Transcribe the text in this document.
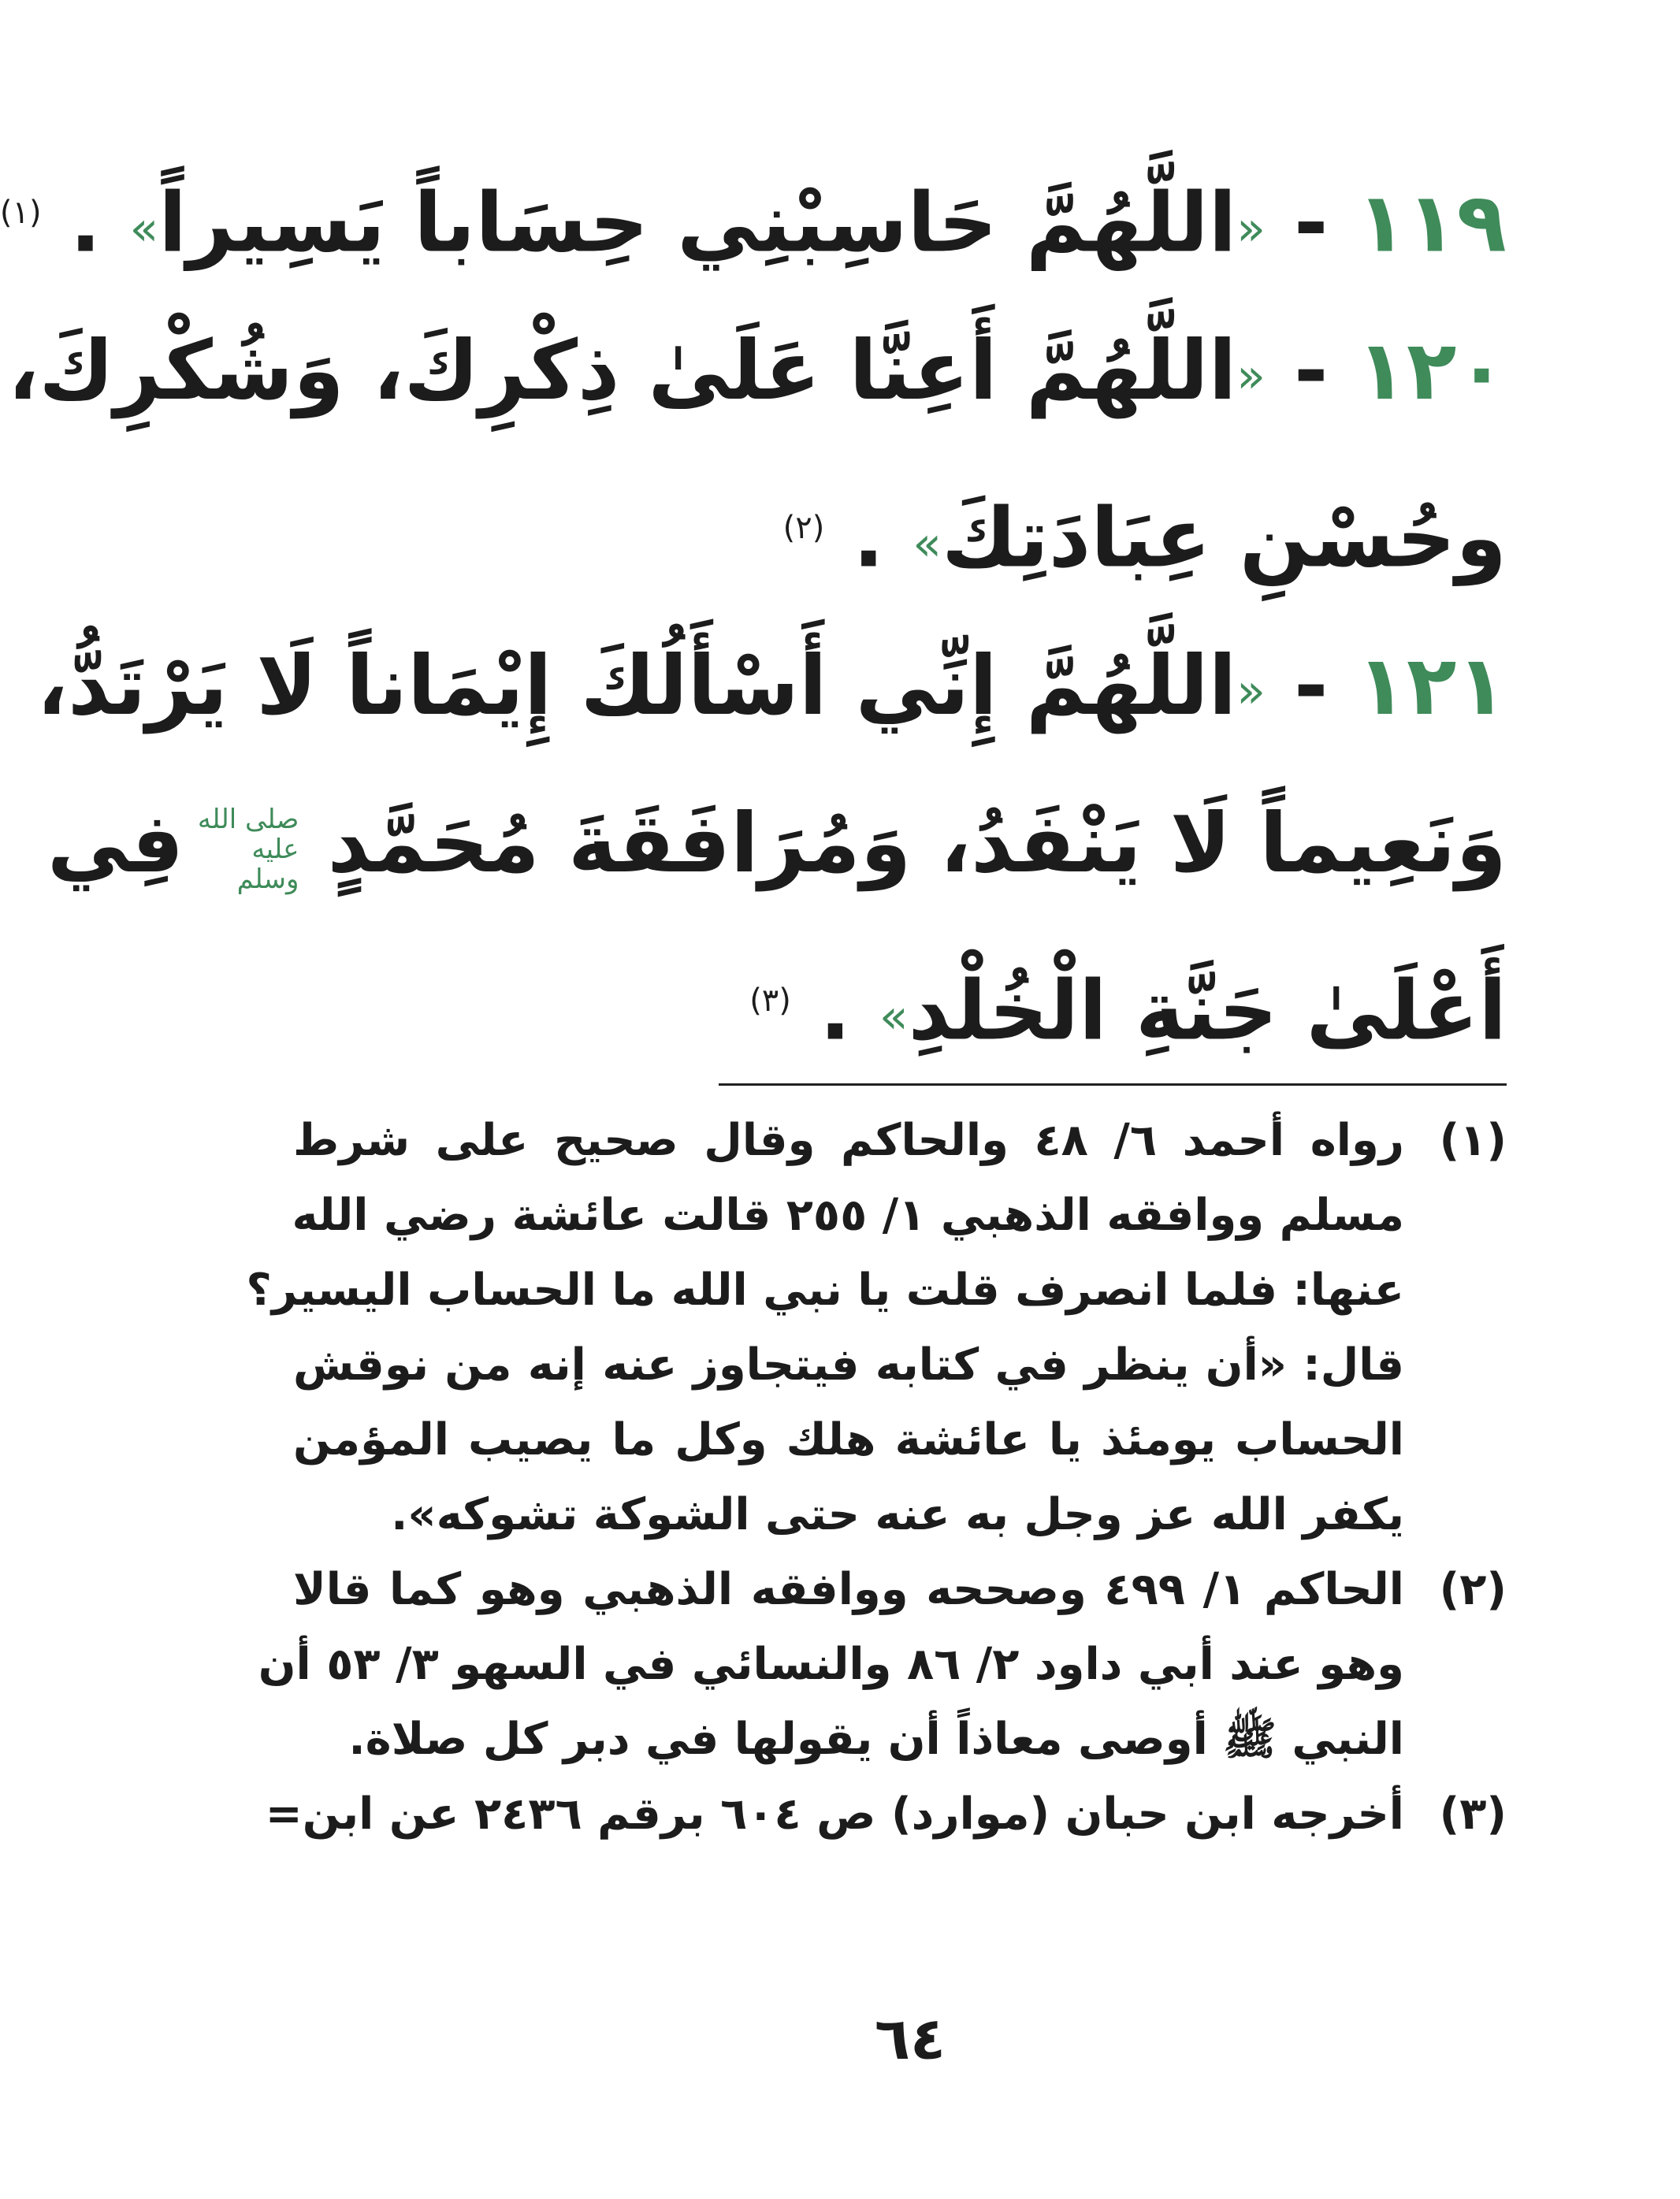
١١٩ - «اللَّهُمَّ حَاسِبْنِي حِسَاباً يَسِيراً» . $^{(١)}$
١٢٠ - «اللَّهُمَّ أَعِنَّا عَلَىٰ ذِكْرِكَ، وَشُكْرِكَ،
وحُسْنِ عِبَادَتِكَ» . $^{(٢)}$
١٢١ - «اللَّهُمَّ إِنِّي أَسْأَلُكَ إِيْمَاناً لَا يَرْتَدُّ،
وَنَعِيماً لَا يَنْفَدُ، وَمُرَافَقَةَ مُحَمَّدٍ صلى الله
عليه
وسلم فِي
أَعْلَىٰ جَنَّةِ الْخُلْدِ» . $^{(٣)}$
(١)
رواه أحمد ٦/ ٤٨ والحاكم وقال صحيح على شرط
مسلم ووافقه الذهبي ١/ ٢٥٥ قالت عائشة رضي الله
عنها: فلما انصرف قلت يا نبي الله ما الحساب اليسير؟
قال: «أن ينظر في كتابه فيتجاوز عنه إنه من نوقش
الحساب يومئذ يا عائشة هلك وكل ما يصيب المؤمن
يكفر الله عز وجل به عنه حتى الشوكة تشوكه».
(٢)
الحاكم ١/ ٤٩٩ وصححه ووافقه الذهبي وهو كما قالا
وهو عند أبي داود ٢/ ٨٦ والنسائي في السهو ٣/ ٥٣ أن
النبي ﷺ أوصى معاذاً أن يقولها في دبر كل صلاة.
(٣)
أخرجه ابن حبان (موارد) ص ٦٠٤ برقم ٢٤٣٦ عن ابن=
٦٤
